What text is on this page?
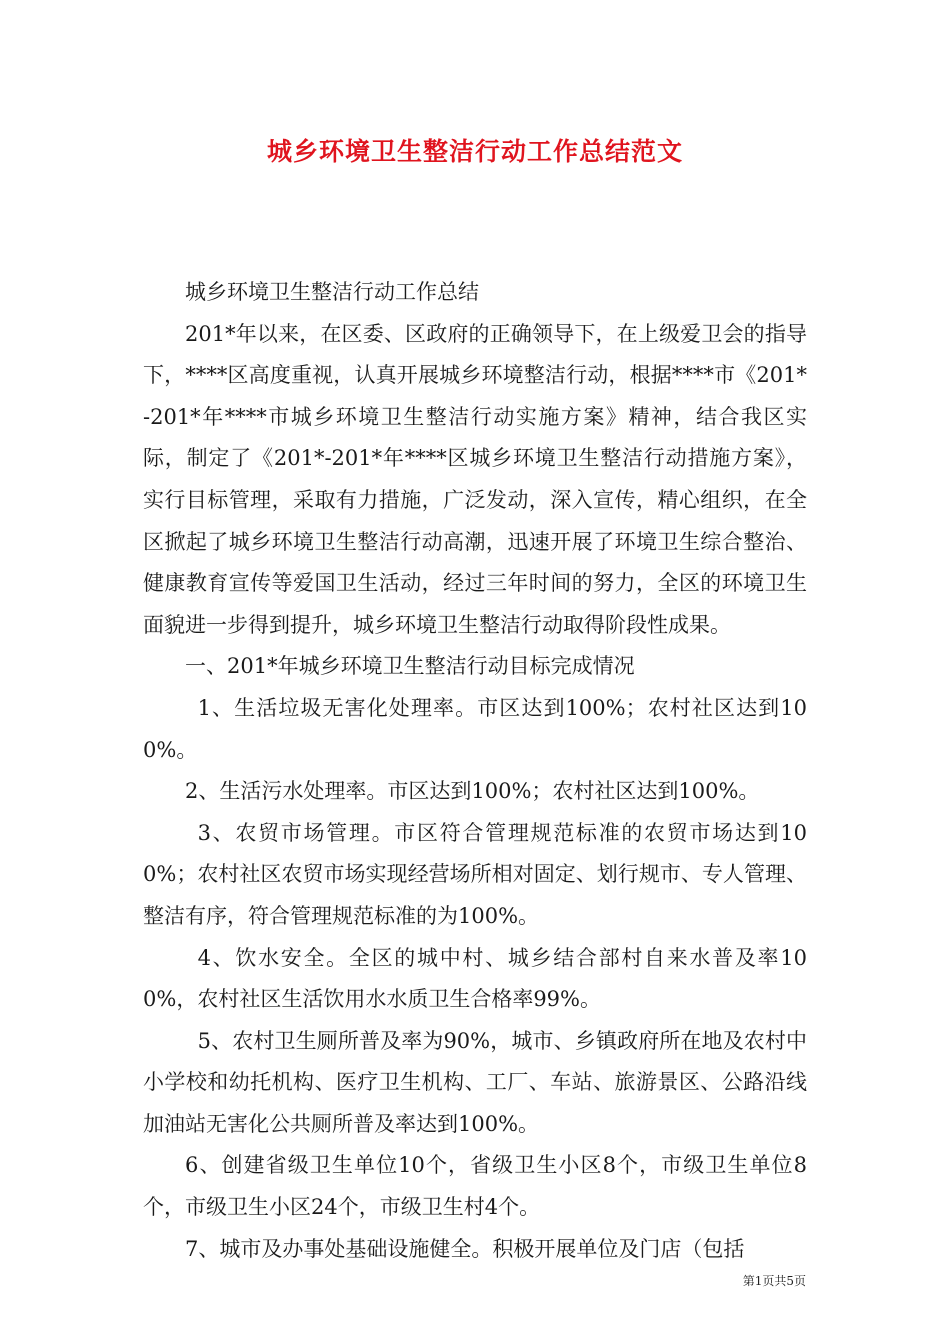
城乡环境卫生整洁行动工作总结范文

城乡环境卫生整洁行动工作总结

201*年以来，在区委、区政府的正确领导下，在上级爱卫会的指导下，****区高度重视，认真开展城乡环境整洁行动，根据****市《201*-201*年****市城乡环境卫生整洁行动实施方案》精神，结合我区实际，制定了《201*-201*年****区城乡环境卫生整洁行动措施方案》，实行目标管理，采取有力措施，广泛发动，深入宣传，精心组织，在全区掀起了城乡环境卫生整洁行动高潮，迅速开展了环境卫生综合整治、健康教育宣传等爱国卫生活动，经过三年时间的努力，全区的环境卫生面貌进一步得到提升，城乡环境卫生整洁行动取得阶段性成果。

一、201*年城乡环境卫生整洁行动目标完成情况

1、生活垃圾无害化处理率。市区达到100%；农村社区达到100%。

2、生活污水处理率。市区达到100%；农村社区达到100%。

3、农贸市场管理。市区符合管理规范标准的农贸市场达到100%；农村社区农贸市场实现经营场所相对固定、划行规市、专人管理、整洁有序，符合管理规范标准的为100%。

4、饮水安全。全区的城中村、城乡结合部村自来水普及率100%，农村社区生活饮用水水质卫生合格率99%。

5、农村卫生厕所普及率为90%，城市、乡镇政府所在地及农村中小学校和幼托机构、医疗卫生机构、工厂、车站、旅游景区、公路沿线加油站无害化公共厕所普及率达到100%。

6、创建省级卫生单位10个，省级卫生小区8个，市级卫生单位8个，市级卫生小区24个，市级卫生村4个。

7、城市及办事处基础设施健全。积极开展单位及门店（包括

第1页共5页
